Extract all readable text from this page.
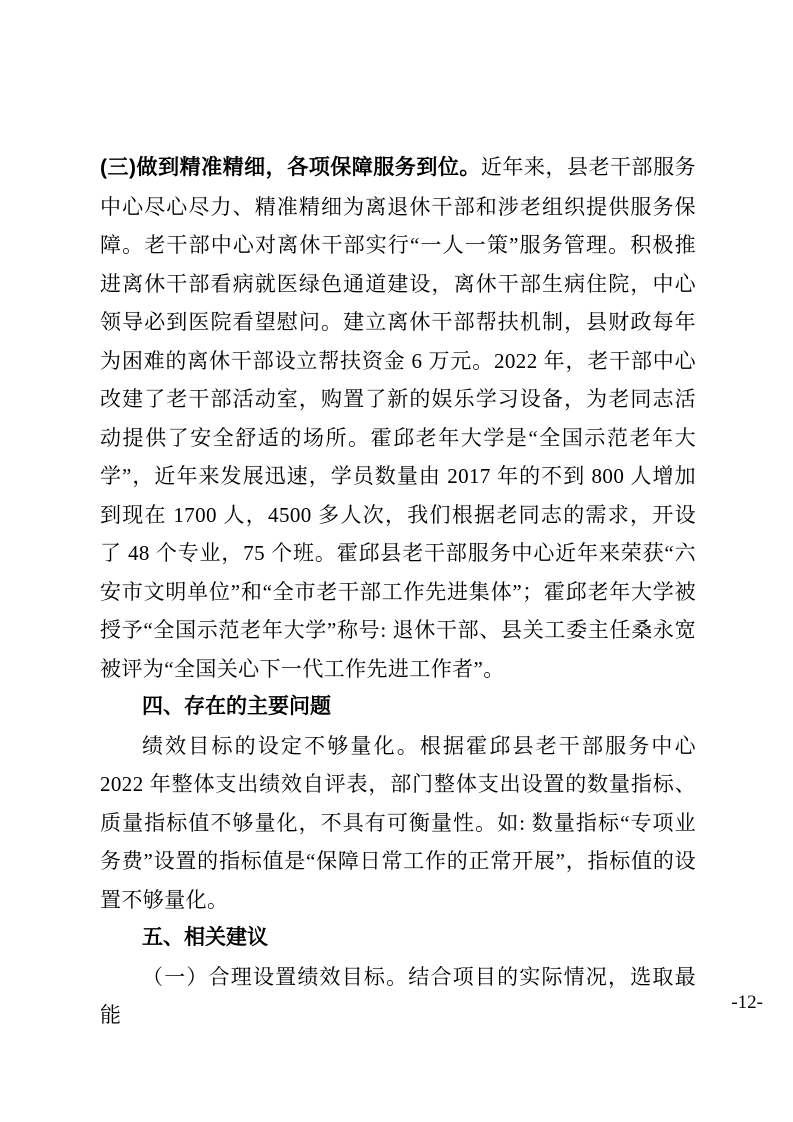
(三)做到精准精细，各项保障服务到位。近年来，县老干部服务中心尽心尽力、精准精细为离退休干部和涉老组织提供服务保障。老干部中心对离休干部实行“一人一策”服务管理。积极推进离休干部看病就医绿色通道建设，离休干部生病住院，中心领导必到医院看望慰问。建立离休干部帮扶机制，县财政每年为困难的离休干部设立帮扶资金 6 万元。2022 年，老干部中心改建了老干部活动室，购置了新的娱乐学习设备，为老同志活动提供了安全舒适的场所。霍邱老年大学是“全国示范老年大学”，近年来发展迅速，学员数量由 2017 年的不到 800 人增加到现在 1700 人，4500 多人次，我们根据老同志的需求，开设了 48 个专业，75 个班。霍邱县老干部服务中心近年来荣获“六安市文明单位”和“全市老干部工作先进集体”；霍邱老年大学被授予“全国示范老年大学”称号: 退休干部、县关工委主任桑永宽被评为“全国关心下一代工作先进工作者”。

四、存在的主要问题

绩效目标的设定不够量化。根据霍邱县老干部服务中心 2022 年整体支出绩效自评表，部门整体支出设置的数量指标、质量指标值不够量化，不具有可衡量性。如: 数量指标“专项业务费”设置的指标值是“保障日常工作的正常开展”，指标值的设置不够量化。

五、相关建议

（一）合理设置绩效目标。结合项目的实际情况，选取最能

-12-
